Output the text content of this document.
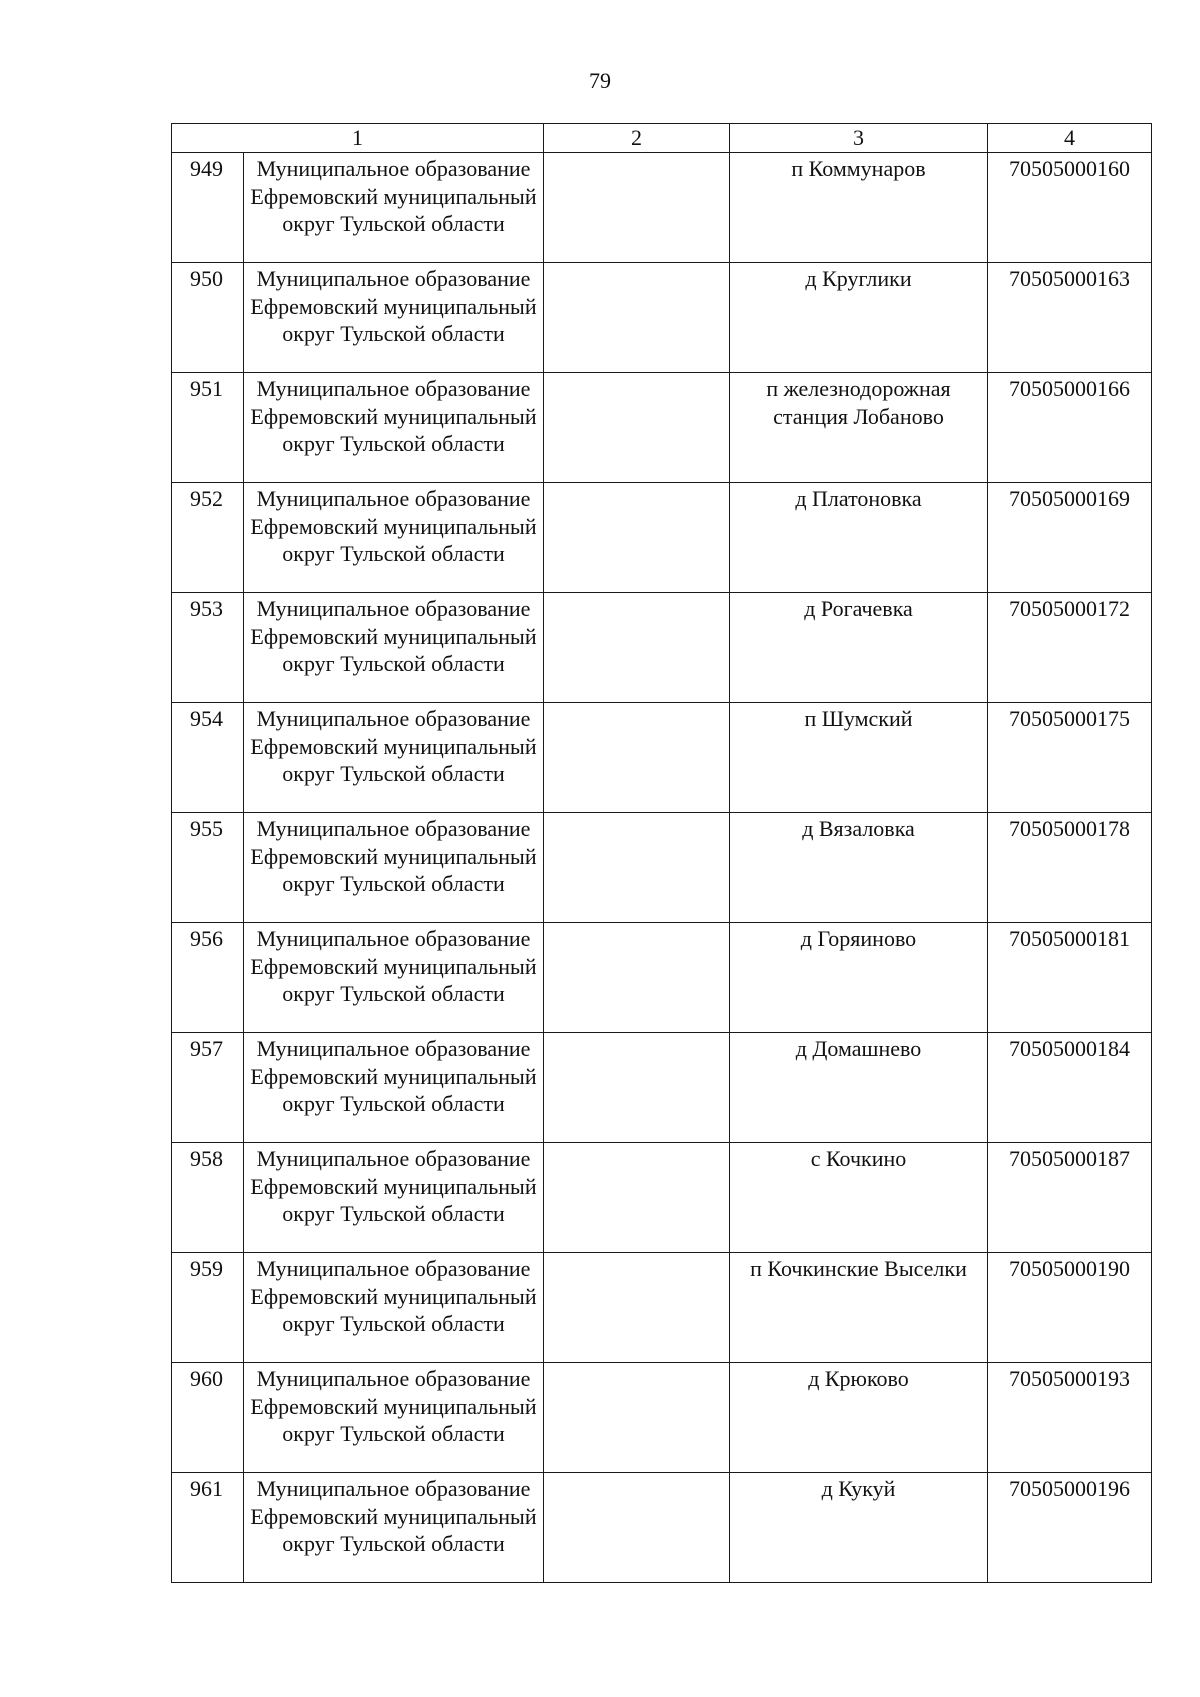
79
1		2	3	4
949	Муниципальное образование Ефремовский муниципальный округ Тульской области		п Коммунаров	70505000160
950	Муниципальное образование Ефремовский муниципальный округ Тульской области		д Круглики	70505000163
951	Муниципальное образование Ефремовский муниципальный округ Тульской области		п железнодорожная станция Лобаново	70505000166
952	Муниципальное образование Ефремовский муниципальный округ Тульской области		д Платоновка	70505000169
953	Муниципальное образование Ефремовский муниципальный округ Тульской области		д Рогачевка	70505000172
954	Муниципальное образование Ефремовский муниципальный округ Тульской области		п Шумский	70505000175
955	Муниципальное образование Ефремовский муниципальный округ Тульской области		д Вязаловка	70505000178
956	Муниципальное образование Ефремовский муниципальный округ Тульской области		д Горяиново	70505000181
957	Муниципальное образование Ефремовский муниципальный округ Тульской области		д Домашнево	70505000184
958	Муниципальное образование Ефремовский муниципальный округ Тульской области		с Кочкино	70505000187
959	Муниципальное образование Ефремовский муниципальный округ Тульской области		п Кочкинские Выселки	70505000190
960	Муниципальное образование Ефремовский муниципальный округ Тульской области		д Крюково	70505000193
961	Муниципальное образование Ефремовский муниципальный округ Тульской области		д Кукуй	70505000196
